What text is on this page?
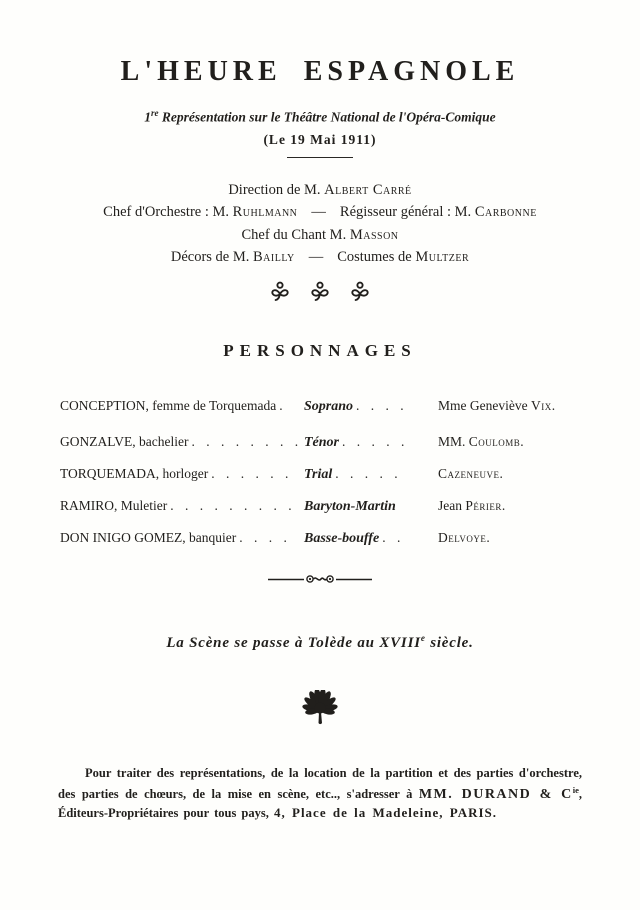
L'HEURE ESPAGNOLE

1re Représentation sur le Théâtre National de l'Opéra-Comique

(Le 19 Mai 1911)

Direction de M. Albert Carré

Chef d'Orchestre : M. Ruhlmann — Régisseur général : M. Carbonne

Chef du Chant M. Masson

Décors de M. Bailly — Costumes de Multzer

PERSONNAGES
CONCEPTION, femme de Torquemada .	Soprano . . . .	Mme Geneviève Vix.
GONZALVE, bachelier . . . . . . . . Ténor . . . . .	MM. Coulomb.
TORQUEMADA, horloger . . . . . . Trial . . . . .	Cazeneuve.
RAMIRO, Muletier . . . . . . . . . Baryton-Martin	Jean Périer.
DON INIGO GOMEZ, banquier . . . . Basse-bouffe . .	Delvoye.

La Scène se passe à Tolède au XVIIIe siècle.

Pour traiter des représentations, de la location de la partition et des parties d'orchestre, des parties de chœurs, de la mise en scène, etc.., s'adresser à MM. DURAND & $C^{ie}$, Éditeurs-Propriétaires pour tous pays, 4, Place de la Madeleine, PARIS.
